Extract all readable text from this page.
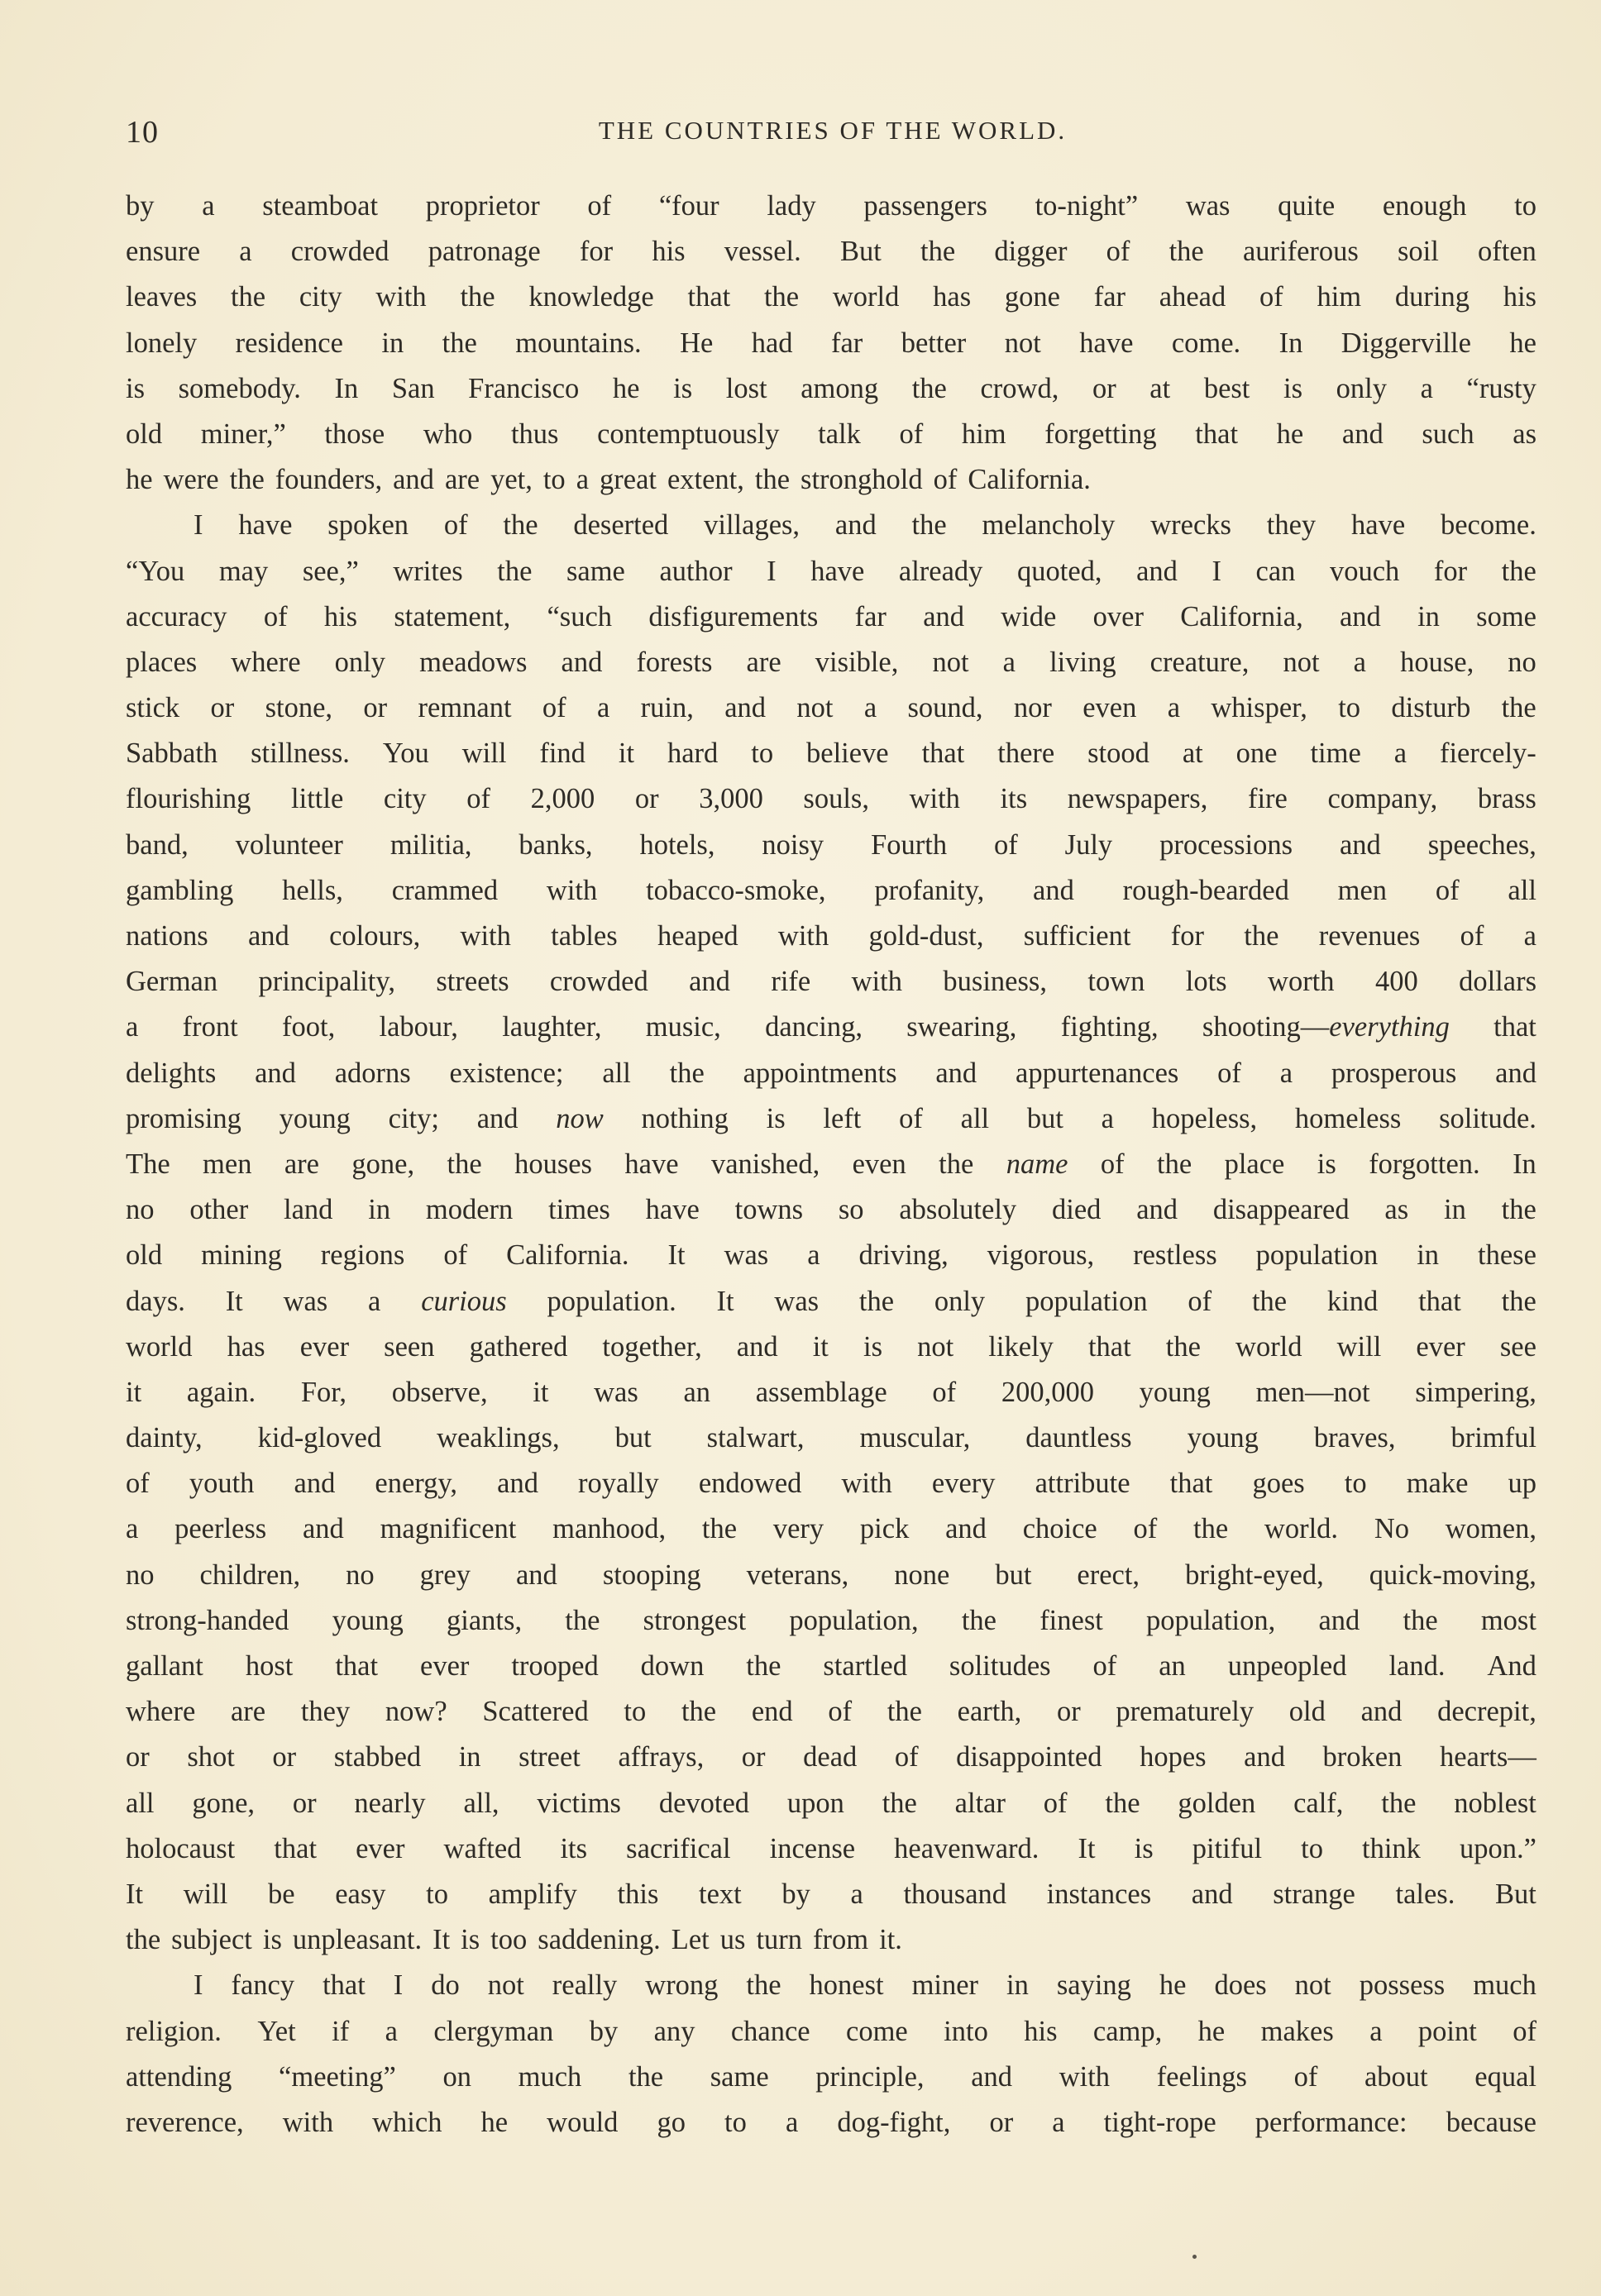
10	THE COUNTRIES OF THE WORLD.
by a steamboat proprietor of “four lady passengers to-night” was quite enough to
ensure a crowded patronage for his vessel. But the digger of the auriferous soil often
leaves the city with the knowledge that the world has gone far ahead of him during his
lonely residence in the mountains. He had far better not have come. In Diggerville he
is somebody. In San Francisco he is lost among the crowd, or at best is only a “rusty
old miner,” those who thus contemptuously talk of him forgetting that he and such as
he were the founders, and are yet, to a great extent, the stronghold of California.
I have spoken of the deserted villages, and the melancholy wrecks they have become.
“You may see,” writes the same author I have already quoted, and I can vouch for the
accuracy of his statement, “such disfigurements far and wide over California, and in some
places where only meadows and forests are visible, not a living creature, not a house, no
stick or stone, or remnant of a ruin, and not a sound, nor even a whisper, to disturb the
Sabbath stillness. You will find it hard to believe that there stood at one time a fiercely-
flourishing little city of 2,000 or 3,000 souls, with its newspapers, fire company, brass
band, volunteer militia, banks, hotels, noisy Fourth of July processions and speeches,
gambling hells, crammed with tobacco-smoke, profanity, and rough-bearded men of all
nations and colours, with tables heaped with gold-dust, sufficient for the revenues of a
German principality, streets crowded and rife with business, town lots worth 400 dollars
a front foot, labour, laughter, music, dancing, swearing, fighting, shooting—everything that
delights and adorns existence; all the appointments and appurtenances of a prosperous and
promising young city; and now nothing is left of all but a hopeless, homeless solitude.
The men are gone, the houses have vanished, even the name of the place is forgotten. In
no other land in modern times have towns so absolutely died and disappeared as in the
old mining regions of California. It was a driving, vigorous, restless population in these
days. It was a curious population. It was the only population of the kind that the
world has ever seen gathered together, and it is not likely that the world will ever see
it again. For, observe, it was an assemblage of 200,000 young men—not simpering,
dainty, kid-gloved weaklings, but stalwart, muscular, dauntless young braves, brimful
of youth and energy, and royally endowed with every attribute that goes to make up
a peerless and magnificent manhood, the very pick and choice of the world. No women,
no children, no grey and stooping veterans, none but erect, bright-eyed, quick-moving,
strong-handed young giants, the strongest population, the finest population, and the most
gallant host that ever trooped down the startled solitudes of an unpeopled land. And
where are they now? Scattered to the end of the earth, or prematurely old and decrepit,
or shot or stabbed in street affrays, or dead of disappointed hopes and broken hearts—
all gone, or nearly all, victims devoted upon the altar of the golden calf, the noblest
holocaust that ever wafted its sacrifical incense heavenward. It is pitiful to think upon.”
It will be easy to amplify this text by a thousand instances and strange tales. But
the subject is unpleasant. It is too saddening. Let us turn from it.
I fancy that I do not really wrong the honest miner in saying he does not possess much
religion. Yet if a clergyman by any chance come into his camp, he makes a point of
attending “meeting” on much the same principle, and with feelings of about equal
reverence, with which he would go to a dog-fight, or a tight-rope performance: because
